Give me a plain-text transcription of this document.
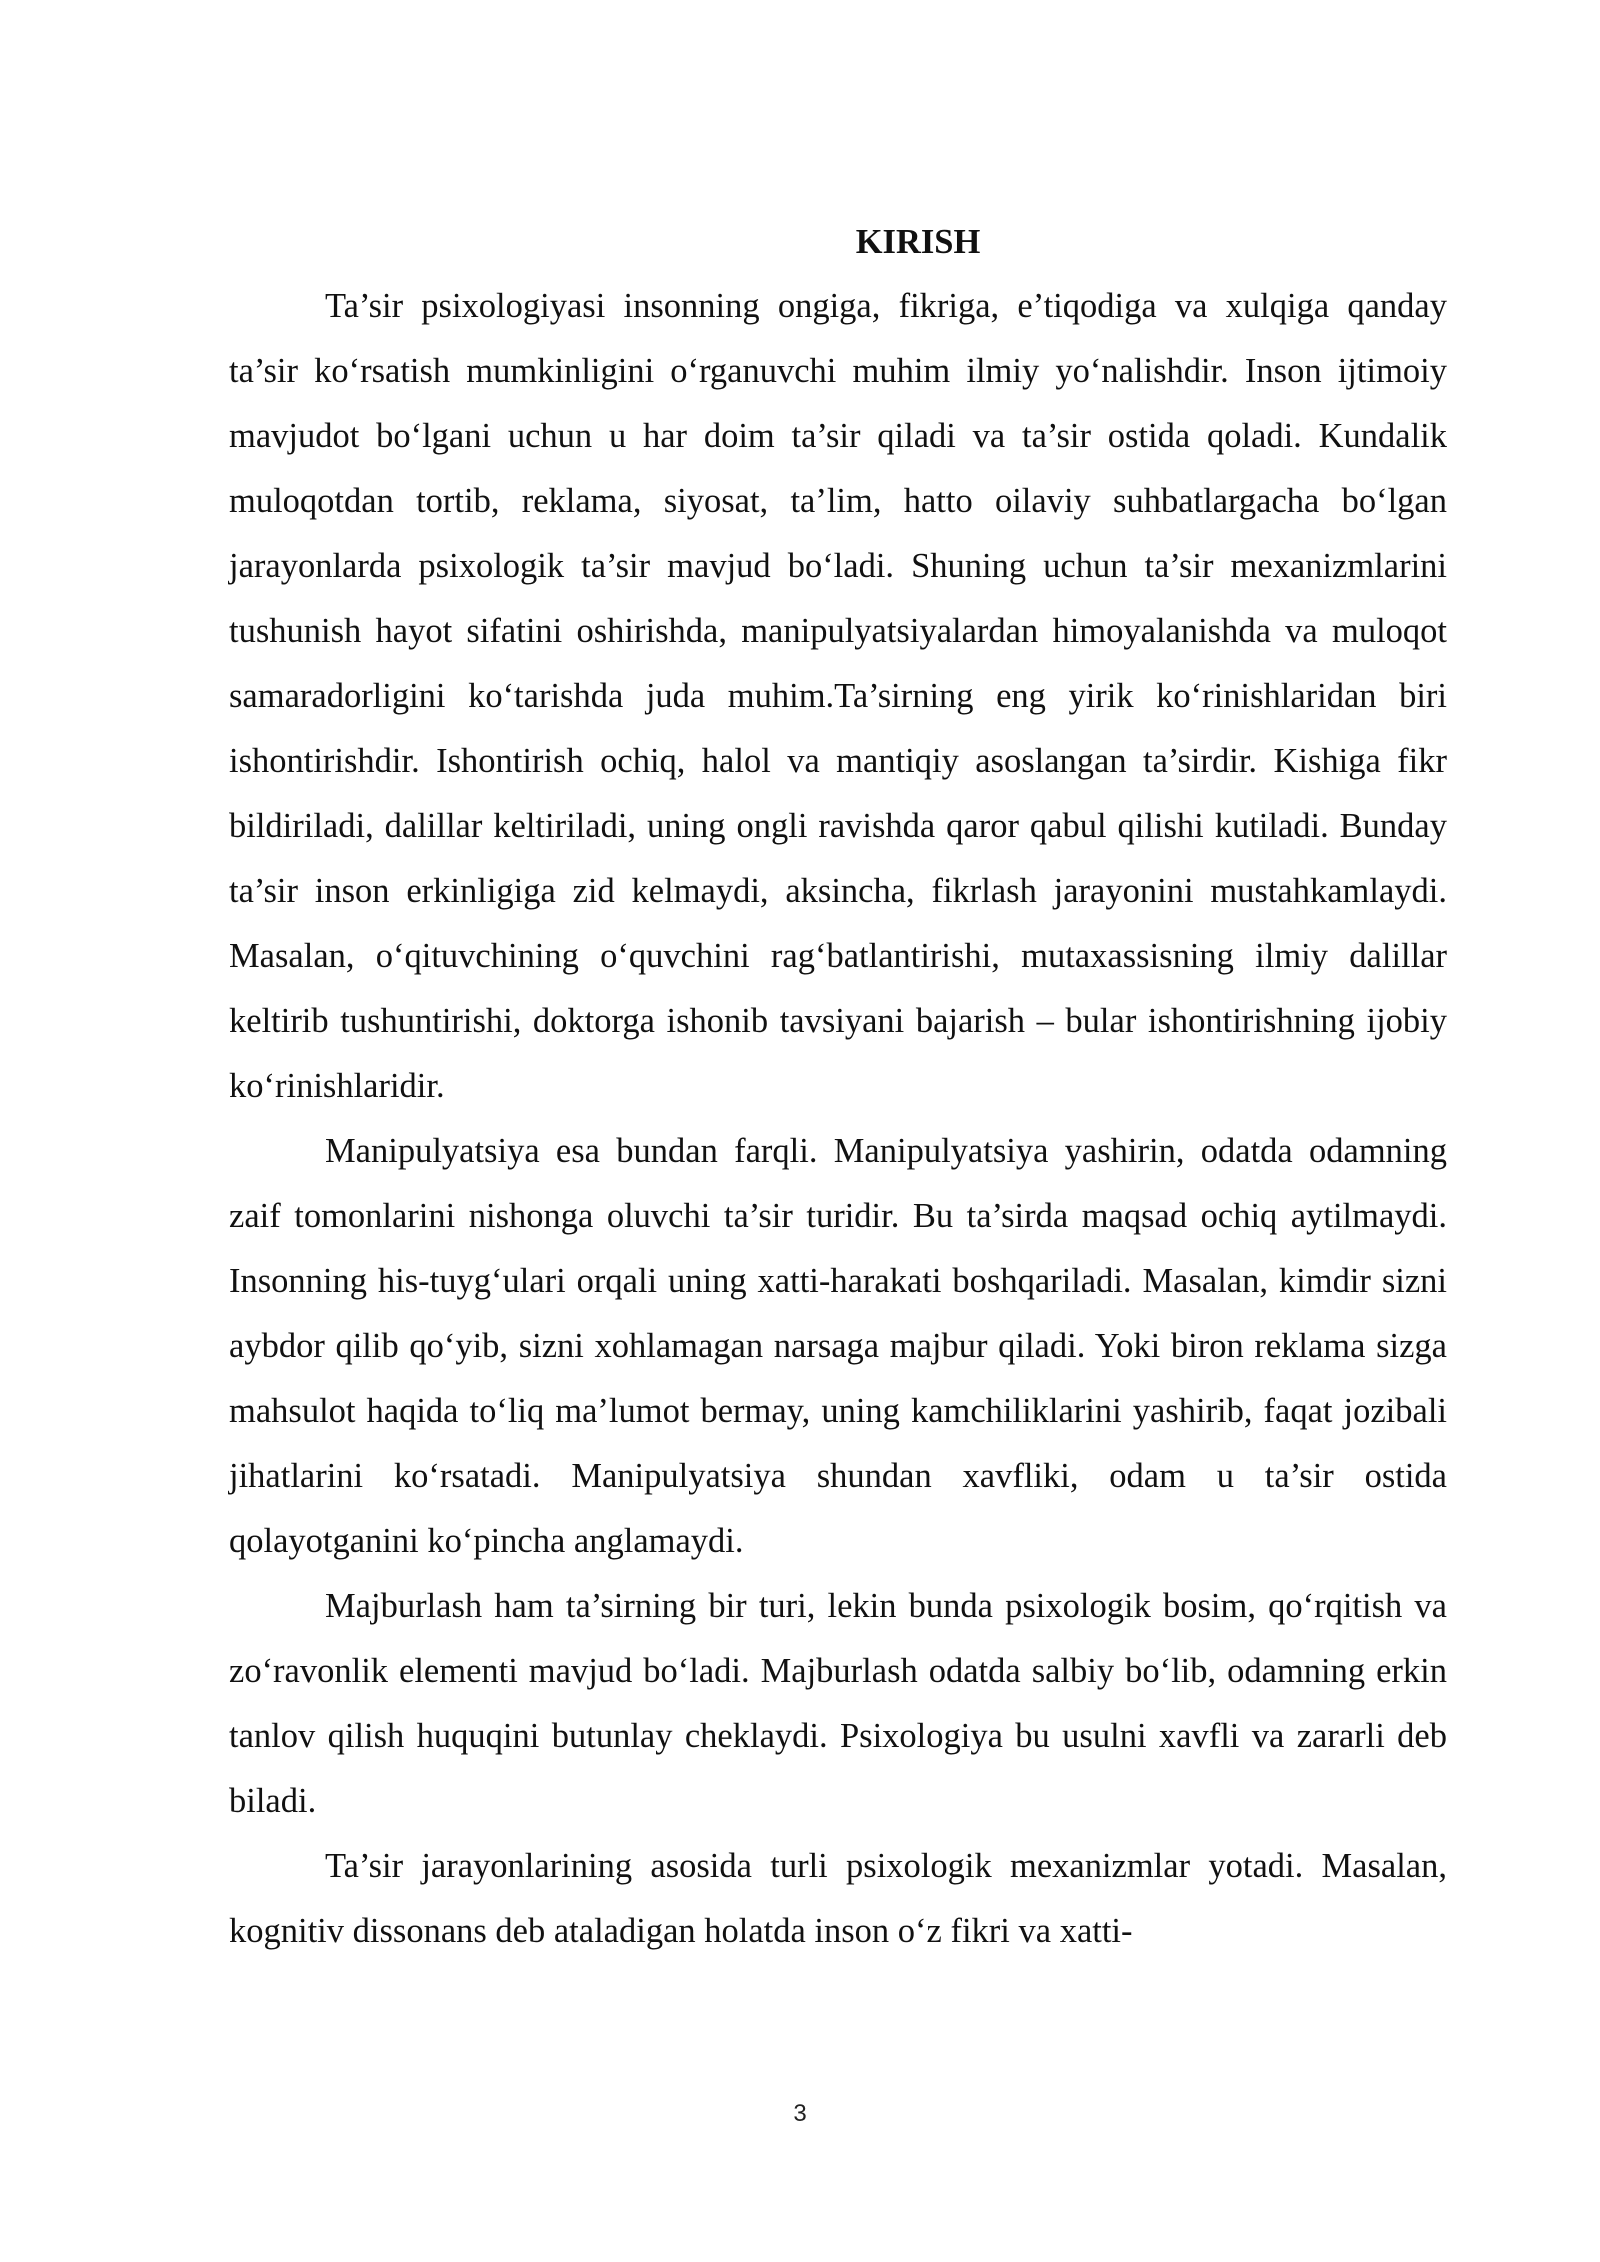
KIRISH

Ta’sir psixologiyasi insonning ongiga, fikriga, e’tiqodiga va xulqiga qanday ta’sir ko‘rsatish mumkinligini o‘rganuvchi muhim ilmiy yo‘nalishdir. Inson ijtimoiy mavjudot bo‘lgani uchun u har doim ta’sir qiladi va ta’sir ostida qoladi. Kundalik muloqotdan tortib, reklama, siyosat, ta’lim, hatto oilaviy suhbatlargacha bo‘lgan jarayonlarda psixologik ta’sir mavjud bo‘ladi. Shuning uchun ta’sir mexanizmlarini tushunish hayot sifatini oshirishda, manipulyatsiyalardan himoyalanishda va muloqot samaradorligini ko‘tarishda juda muhim.Ta’sirning eng yirik ko‘rinishlaridan biri ishontirishdir. Ishontirish ochiq, halol va mantiqiy asoslangan ta’sirdir. Kishiga fikr bildiriladi, dalillar keltiriladi, uning ongli ravishda qaror qabul qilishi kutiladi. Bunday ta’sir inson erkinligiga zid kelmaydi, aksincha, fikrlash jarayonini mustahkamlaydi. Masalan, o‘qituvchining o‘quvchini rag‘batlantirishi, mutaxassisning ilmiy dalillar keltirib tushuntirishi, doktorga ishonib tavsiyani bajarish – bular ishontirishning ijobiy ko‘rinishlaridir.

Manipulyatsiya esa bundan farqli. Manipulyatsiya yashirin, odatda odamning zaif tomonlarini nishonga oluvchi ta’sir turidir. Bu ta’sirda maqsad ochiq aytilmaydi. Insonning his-tuyg‘ulari orqali uning xatti-harakati boshqariladi. Masalan, kimdir sizni aybdor qilib qo‘yib, sizni xohlamagan narsaga majbur qiladi. Yoki biron reklama sizga mahsulot haqida to‘liq ma’lumot bermay, uning kamchiliklarini yashirib, faqat jozibali jihatlarini ko‘rsatadi. Manipulyatsiya shundan xavfliki, odam u ta’sir ostida qolayotganini ko‘pincha anglamaydi.

Majburlash ham ta’sirning bir turi, lekin bunda psixologik bosim, qo‘rqitish va zo‘ravonlik elementi mavjud bo‘ladi. Majburlash odatda salbiy bo‘lib, odamning erkin tanlov qilish huquqini butunlay cheklaydi. Psixologiya bu usulni xavfli va zararli deb biladi.

Ta’sir jarayonlarining asosida turli psixologik mexanizmlar yotadi. Masalan, kognitiv dissonans deb ataladigan holatda inson o‘z fikri va xatti-

3
